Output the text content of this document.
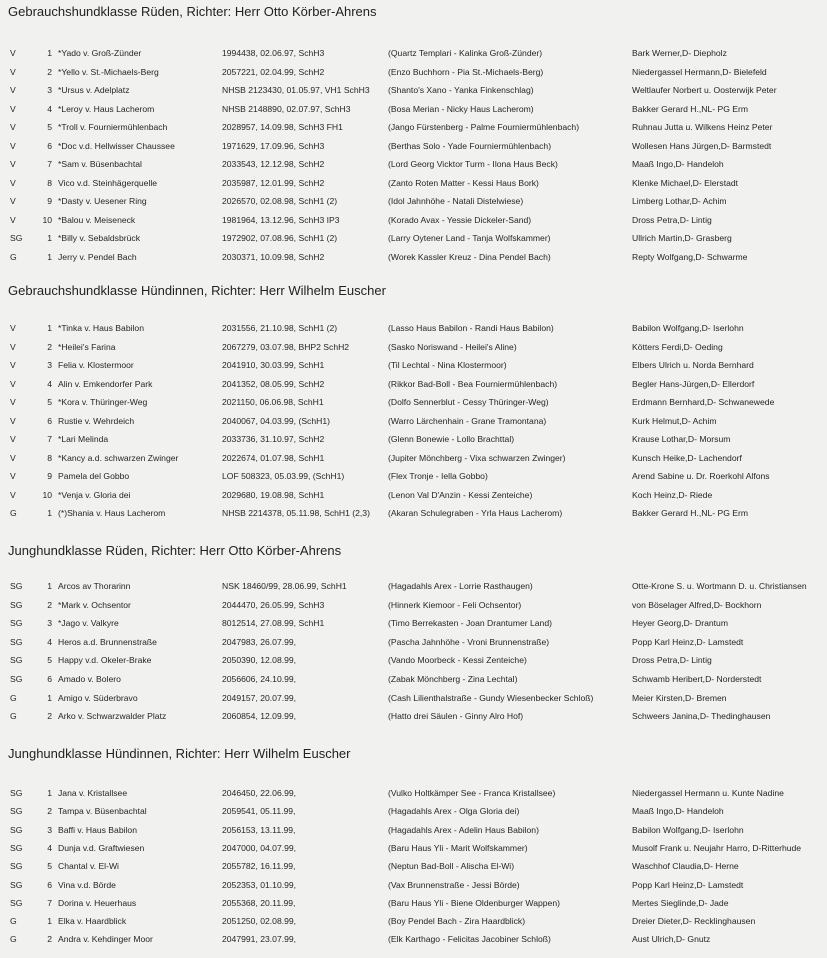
Gebrauchshundklasse Rüden, Richter: Herr Otto Körber-Ahrens
V	1 *Yado v. Groß-Zünder	1994438, 02.06.97, SchH3	(Quartz Templari - Kalinka Groß-Zünder)	Bark Werner,D- Diepholz
V	2 *Yello v. St.-Michaels-Berg	2057221, 02.04.99, SchH2	(Enzo Buchhorn - Pia St.-Michaels-Berg)	Niedergassel Hermann,D- Bielefeld
V	3 *Ursus v. Adelplatz	NHSB 2123430, 01.05.97, VH1 SchH3	(Shanto's Xano - Yanka Finkenschlag)	Weltlaufer Norbert u. Oosterwijk Peter
V	4 *Leroy v. Haus Lacherom	NHSB 2148890, 02.07.97, SchH3	(Bosa Merian - Nicky Haus Lacherom)	Bakker Gerard H.,NL- PG Erm
V	5 *Troll v. Fourniermühlenbach	2028957, 14.09.98, SchH3 FH1	(Jango Fürstenberg - Palme Fourniermühlenbach)	Ruhnau Jutta u. Wilkens Heinz Peter
V	6 *Doc v.d. Hellwisser Chaussee	1971629, 17.09.96, SchH3	(Berthas Solo - Yade Fourniermühlenbach)	Wollesen Hans Jürgen,D- Barmstedt
V	7 *Sam v. Büsenbachtal	2033543, 12.12.98, SchH2	(Lord Georg Vicktor Turm - Ilona Haus Beck)	Maaß Ingo,D- Handeloh
V	8 Vico v.d. Steinhägerquelle	2035987, 12.01.99, SchH2	(Zanto Roten Matter - Kessi Haus Bork)	Klenke Michael,D- Elerstadt
V	9 *Dasty v. Uesener Ring	2026570, 02.08.98, SchH1 (2)	(Idol Jahnhöhe - Natali Distelwiese)	Limberg Lothar,D- Achim
V	10 *Balou v. Meiseneck	1981964, 13.12.96, SchH3 IP3	(Korado Avax - Yessie Dickeler-Sand)	Dross Petra,D- Lintig
SG	1 *Billy v. Sebaldsbrück	1972902, 07.08.96, SchH1 (2)	(Larry Oytener Land - Tanja Wolfskammer)	Ullrich Martin,D- Grasberg
G	1 Jerry v. Pendel Bach	2030371, 10.09.98, SchH2	(Worek Kassler Kreuz - Dina Pendel Bach)	Repty Wolfgang,D- Schwarme
Gebrauchshundklasse Hündinnen, Richter: Herr Wilhelm Euscher
V	1 *Tinka v. Haus Babilon	2031556, 21.10.98, SchH1 (2)	(Lasso Haus Babilon - Randi Haus Babilon)	Babilon Wolfgang,D- Iserlohn
V	2 *Heilei's Farina	2067279, 03.07.98, BHP2 SchH2	(Sasko Noriswand - Heilei's Aline)	Kötters Ferdi,D- Oeding
V	3 Felia v. Klostermoor	2041910, 30.03.99, SchH1	(Til Lechtal - Nina Klostermoor)	Elbers Ulrich u. Norda Bernhard
V	4 Alin v. Emkendorfer Park	2041352, 08.05.99, SchH2	(Rikkor Bad-Boll - Bea Fourniermühlenbach)	Begler Hans-Jürgen,D- Ellerdorf
V	5 *Kora v. Thüringer-Weg	2021150, 06.06.98, SchH1	(Dolfo Sennerblut - Cessy Thüringer-Weg)	Erdmann Bernhard,D- Schwanewede
V	6 Rustie v. Wehrdeich	2040067, 04.03.99, (SchH1)	(Warro Lärchenhain - Grane Tramontana)	Kurk Helmut,D- Achim
V	7 *Lari Melinda	2033736, 31.10.97, SchH2	(Glenn Bonewie - Lollo Brachttal)	Krause Lothar,D- Morsum
V	8 *Kancy a.d. schwarzen Zwinger	2022674, 01.07.98, SchH1	(Jupiter Mönchberg - Vixa schwarzen Zwinger)	Kunsch Heike,D- Lachendorf
V	9 Pamela del Gobbo	LOF 508323, 05.03.99, (SchH1)	(Flex Tronje - Iella Gobbo)	Arend Sabine u. Dr. Roerkohl Alfons
V	10 *Venja v. Gloria dei	2029680, 19.08.98, SchH1	(Lenon Val D'Anzin - Kessi Zenteiche)	Koch Heinz,D- Riede
G	1 (*)Shania v. Haus Lacherom	NHSB 2214378, 05.11.98, SchH1 (2,3)	(Akaran Schulegraben - Yrla Haus Lacherom)	Bakker Gerard H.,NL- PG Erm
Junghundklasse Rüden, Richter: Herr Otto Körber-Ahrens
SG	1 Arcos av Thorarinn	NSK 18460/99, 28.06.99, SchH1	(Hagadahls Arex - Lorrie Rasthaugen)	Otte-Krone S. u. Wortmann D. u. Christiansen
SG	2 *Mark v. Ochsentor	2044470, 26.05.99, SchH3	(Hinnerk Kiemoor - Feli Ochsentor)	von Böselager Alfred,D- Bockhorn
SG	3 *Jago v. Valkyre	8012514, 27.08.99, SchH1	(Timo Berrekasten - Joan Drantumer Land)	Heyer Georg,D- Drantum
SG	4 Heros a.d. Brunnenstraße	2047983, 26.07.99,	(Pascha Jahnhöhe - Vroni Brunnenstraße)	Popp Karl Heinz,D- Lamstedt
SG	5 Happy v.d. Okeler-Brake	2050390, 12.08.99,	(Vando Moorbeck - Kessi Zenteiche)	Dross Petra,D- Lintig
SG	6 Amado v. Bolero	2056606, 24.10.99,	(Zabak Mönchberg - Zina Lechtal)	Schwamb Heribert,D- Norderstedt
G	1 Amigo v. Süderbravo	2049157, 20.07.99,	(Cash Lilienthalstraße - Gundy Wiesenbecker Schloß)	Meier Kirsten,D- Bremen
G	2 Arko v. Schwarzwalder Platz	2060854, 12.09.99,	(Hatto drei Säulen - Ginny Alro Hof)	Schweers Janina,D- Thedinghausen
Junghundklasse Hündinnen, Richter: Herr Wilhelm Euscher
SG	1 Jana v. Kristallsee	2046450, 22.06.99,	(Vulko Holtkämper See - Franca Kristallsee)	Niedergassel Hermann u. Kunte Nadine
SG	2 Tampa v. Büsenbachtal	2059541, 05.11.99,	(Hagadahls Arex - Olga Gloria dei)	Maaß Ingo,D- Handeloh
SG	3 Baffi v. Haus Babilon	2056153, 13.11.99,	(Hagadahls Arex - Adelin Haus Babilon)	Babilon Wolfgang,D- Iserlohn
SG	4 Dunja v.d. Graftwiesen	2047000, 04.07.99,	(Baru Haus Yli - Marit Wolfskammer)	Musolf Frank u. Neujahr Harro, D-Ritterhude
SG	5 Chantal v. El-Wi	2055782, 16.11.99,	(Neptun Bad-Boll - Alischa El-Wi)	Waschhof Claudia,D- Herne
SG	6 Vina v.d. Börde	2052353, 01.10.99,	(Vax Brunnenstraße - Jessi Börde)	Popp Karl Heinz,D- Lamstedt
SG	7 Dorina v. Heuerhaus	2055368, 20.11.99,	(Baru Haus Yli - Biene Oldenburger Wappen)	Mertes Sieglinde,D- Jade
G	1 Elka v. Haardblick	2051250, 02.08.99,	(Boy Pendel Bach - Zira Haardblick)	Dreier Dieter,D- Recklinghausen
G	2 Andra v. Kehdinger Moor	2047991, 23.07.99,	(Elk Karthago - Felicitas Jacobiner Schloß)	Aust Ulrich,D- Gnutz
